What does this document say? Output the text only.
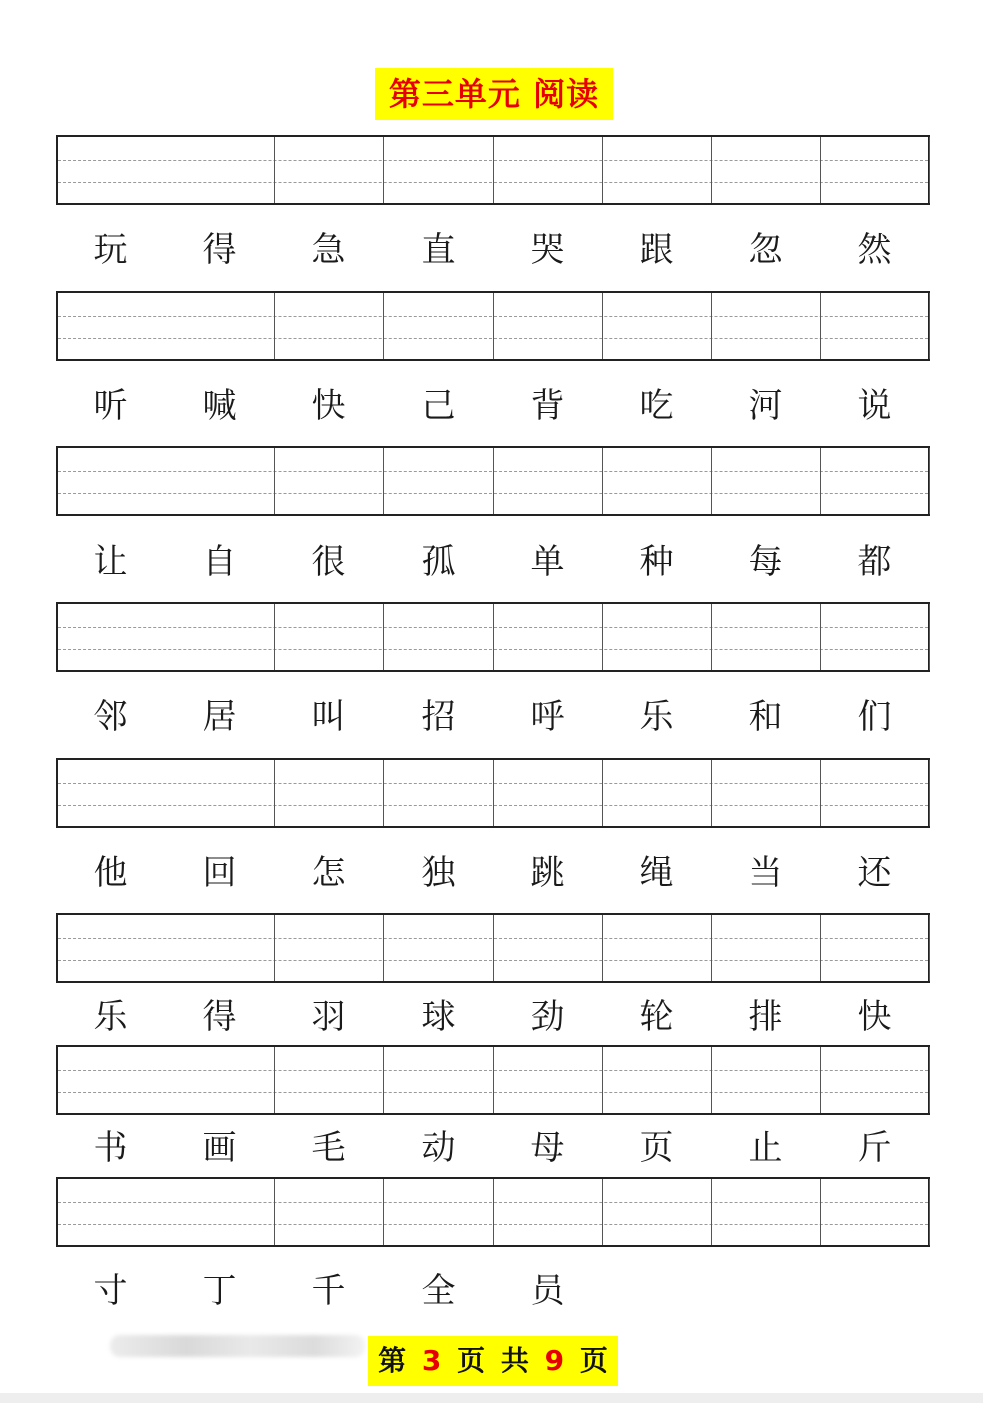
第三单元 阅读
玩	得	急	直	哭	跟	忽	然
听	喊	快	己	背	吃	河	说
让	自	很	孤	单	种	每	都
邻	居	叫	招	呼	乐	和	们
他	回	怎	独	跳	绳	当	还
乐	得	羽	球	劲	轮	排	快
书	画	毛	动	母	页	止	斤
寸	丁	千	全	员
第 3 页 共 9 页
